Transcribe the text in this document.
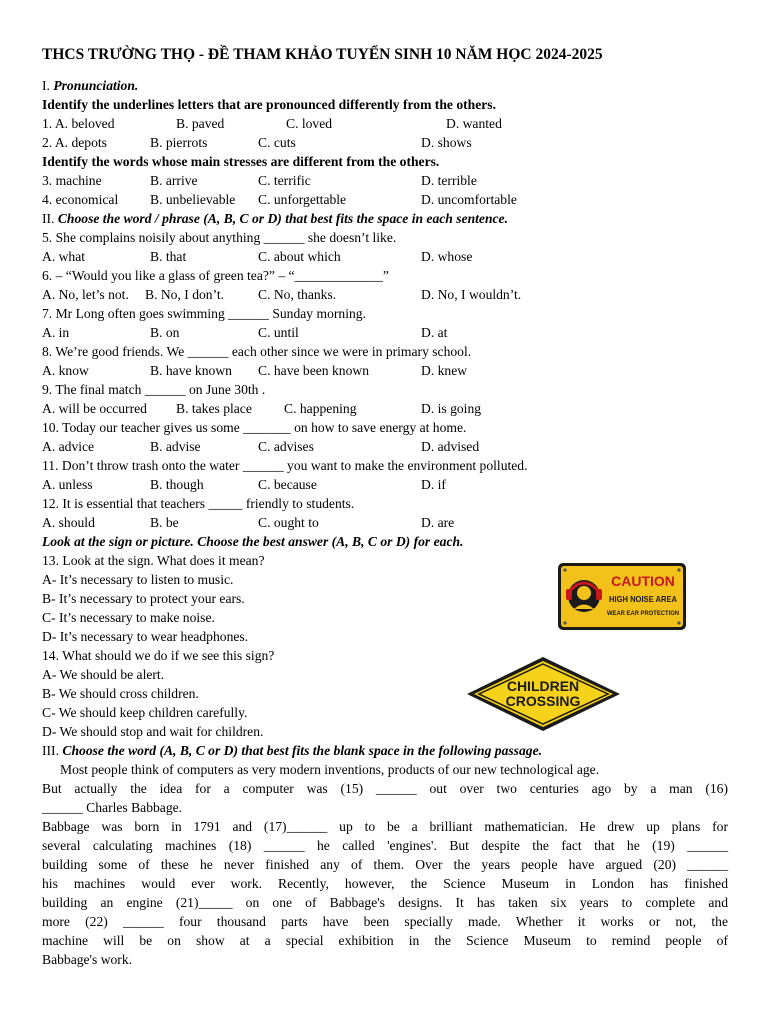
THCS TRƯỜNG THỌ - ĐỀ THAM KHẢO TUYỂN SINH 10 NĂM HỌC 2024-2025
I. Pronunciation.
Identify the underlines letters that are pronounced differently from the others.
1. A. beloved	B. paved	C. loved	D. wanted
2. A. depots	B. pierrots	C. cuts	D. shows
Identify the words whose main stresses are different from the others.
3. machine	B. arrive	C. terrific	D. terrible
4. economical B. unbelievable C. unforgettable	D. uncomfortable
II. Choose the word / phrase (A, B, C or D) that best fits the space in each sentence.
5. She complains noisily about anything ______ she doesn’t like.
A. what	B. that	C. about which	D. whose
6. – “Would you like a glass of green tea?” – “_____________”
A. No, let’s not. B. No, I don’t. C. No, thanks.	D. No, I wouldn’t.
7. Mr Long often goes swimming ______ Sunday morning.
A. in	B. on	C. until	D. at
8. We’re good friends. We ______ each other since we were in primary school.
A. know	B. have known C. have been known	D. knew
9. The final match ______ on June 30th .
A. will be occurred B. takes place C. happening	D. is going
10. Today our teacher gives us some _______ on how to save energy at home.
A. advice	B. advise	C. advises	D. advised
11. Don’t throw trash onto the water ______ you want to make the environment polluted.
A. unless	B. though	C. because	D. if
12. It is essential that teachers _____ friendly to students.
A. should	B. be	C. ought to	D. are
Look at the sign or picture. Choose the best answer (A, B, C or D) for each.
13. Look at the sign. What does it mean?
A- It’s necessary to listen to music.
B- It’s necessary to protect your ears.
C- It’s necessary to make noise.
D- It’s necessary to wear headphones.
14. What should we do if we see this sign?
A- We should be alert.
B- We should cross children.
C- We should keep children carefully.
D- We should stop and wait for children.
III. Choose the word (A, B, C or D) that best fits the blank space in the following passage.
Most people think of computers as very modern inventions, products of our new technological age.
But actually the idea for a computer was (15) ______ out over two centuries ago by a man (16)
______ Charles Babbage.
Babbage was born in 1791 and (17)______ up to be a brilliant mathematician. He drew up plans for
several calculating machines (18) ______ he called 'engines'. But despite the fact that he (19) ______
building some of these he never finished any of them. Over the years people have argued (20) ______
his machines would ever work. Recently, however, the Science Museum in London has finished
building an engine (21)_____ on one of Babbage's designs. It has taken six years to complete and
more (22) ______ four thousand parts have been specially made. Whether it works or not, the
machine will be on show at a special exhibition in the Science Museum to remind people of
Babbage's work.
CAUTION
HIGH NOISE AREA
WEAR EAR PROTECTION
CHILDREN
CROSSING
